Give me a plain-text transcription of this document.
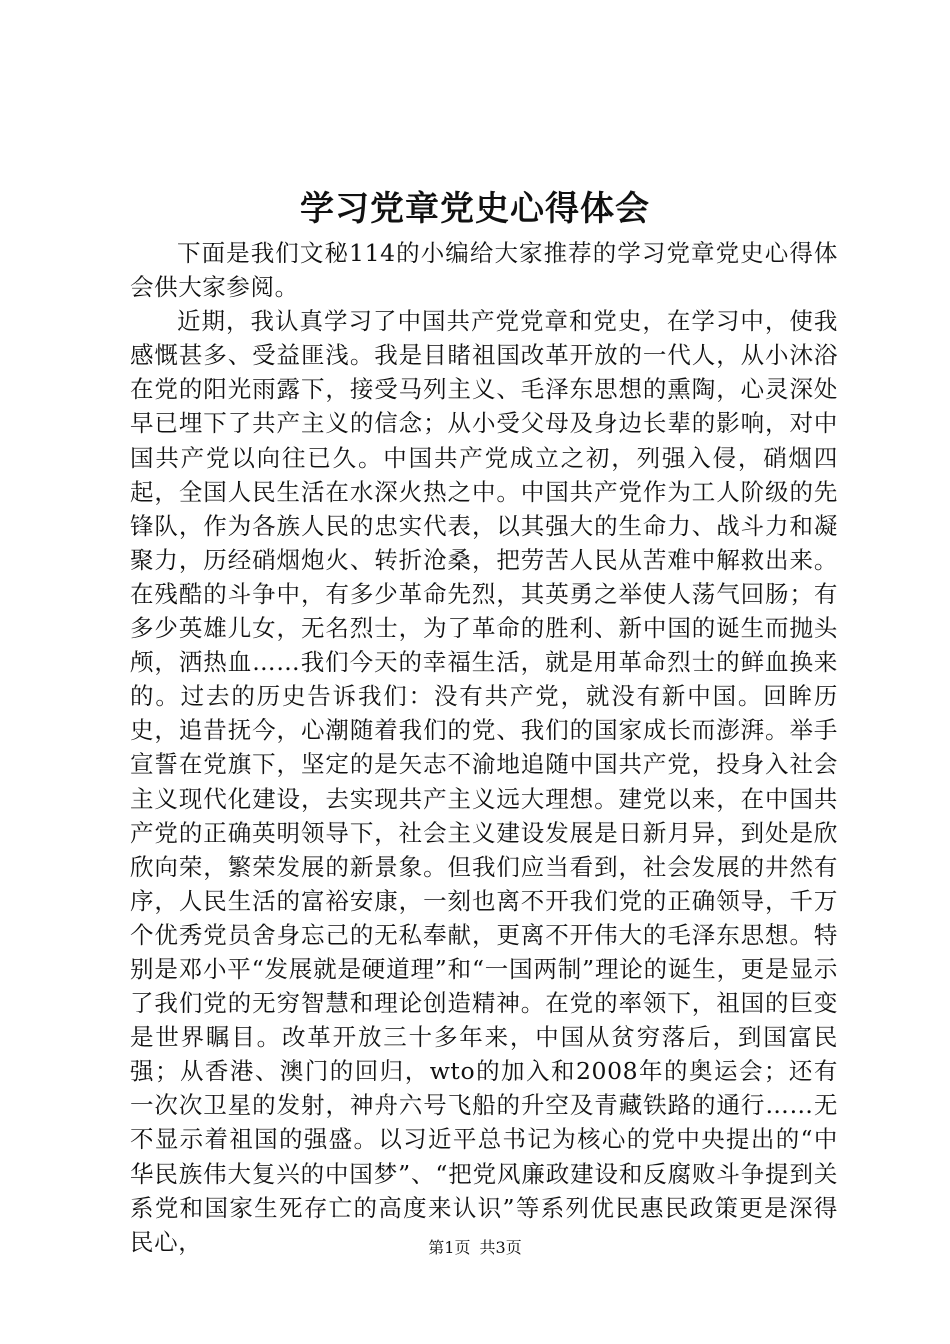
学习党章党史心得体会

下面是我们文秘114的小编给大家推荐的学习党章党史心得体会供大家参阅。

近期，我认真学习了中国共产党党章和党史，在学习中，使我感慨甚多、受益匪浅。我是目睹祖国改革开放的一代人，从小沐浴在党的阳光雨露下，接受马列主义、毛泽东思想的熏陶，心灵深处早已埋下了共产主义的信念；从小受父母及身边长辈的影响，对中国共产党以向往已久。中国共产党成立之初，列强入侵，硝烟四起，全国人民生活在水深火热之中。中国共产党作为工人阶级的先锋队，作为各族人民的忠实代表，以其强大的生命力、战斗力和凝聚力，历经硝烟炮火、转折沧桑，把劳苦人民从苦难中解救出来。在残酷的斗争中，有多少革命先烈，其英勇之举使人荡气回肠；有多少英雄儿女，无名烈士，为了革命的胜利、新中国的诞生而抛头颅，洒热血……我们今天的幸福生活，就是用革命烈士的鲜血换来的。过去的历史告诉我们：没有共产党，就没有新中国。回眸历史，追昔抚今，心潮随着我们的党、我们的国家成长而澎湃。举手宣誓在党旗下，坚定的是矢志不渝地追随中国共产党，投身入社会主义现代化建设，去实现共产主义远大理想。建党以来，在中国共产党的正确英明领导下，社会主义建设发展是日新月异，到处是欣欣向荣，繁荣发展的新景象。但我们应当看到，社会发展的井然有序，人民生活的富裕安康，一刻也离不开我们党的正确领导，千万个优秀党员舍身忘己的无私奉献，更离不开伟大的毛泽东思想。特别是邓小平“发展就是硬道理”和“一国两制”理论的诞生，更是显示了我们党的无穷智慧和理论创造精神。在党的率领下，祖国的巨变是世界瞩目。改革开放三十多年来，中国从贫穷落后，到国富民强；从香港、澳门的回归，wto的加入和2008年的奥运会；还有一次次卫星的发射，神舟六号飞船的升空及青藏铁路的通行……无不显示着祖国的强盛。以习近平总书记为核心的党中央提出的“中华民族伟大复兴的中国梦”、“把党风廉政建设和反腐败斗争提到关系党和国家生死存亡的高度来认识”等系列优民惠民政策更是深得民心，	第1页 共3页
